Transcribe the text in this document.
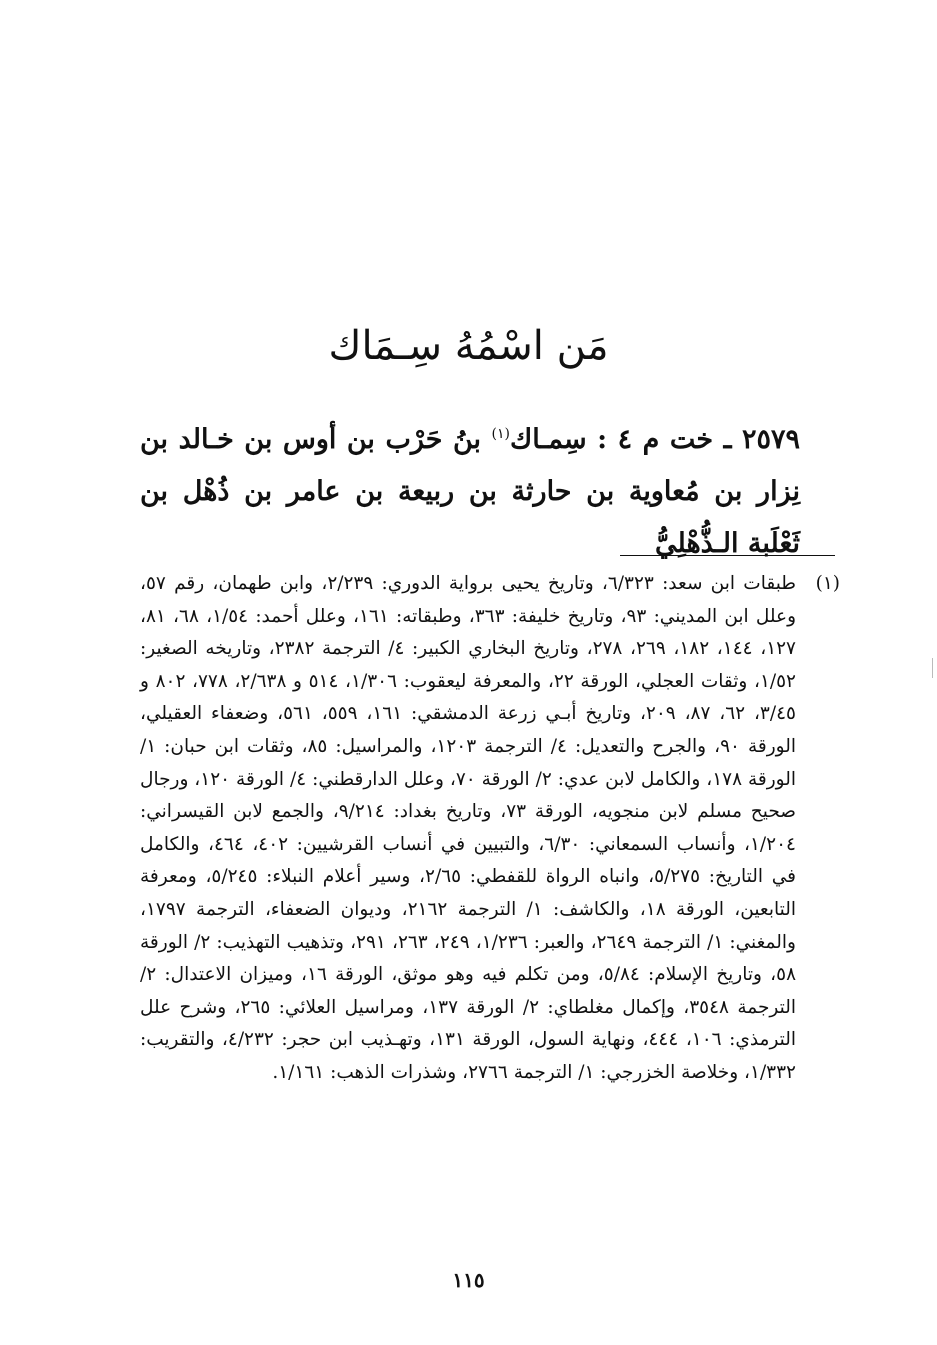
مَن اسْمُهُ سِـمَاك
٢٥٧٩ ـ خت م ٤ : سِمـاك$^{(١)}$ بنُ حَرْب بن أوس بن خـالد بن نِزار بن مُعاوية بن حارثة بن ربيعة بن عامر بن ذُهْل بن ثَعْلَبة الـذُّهْلِيُّ
(١)
طبقات ابن سعد: ٦/٣٢٣، وتاريخ يحيى برواية الدوري: ٢/٢٣٩، وابن طهمان، رقم ٥٧، وعلل ابن المديني: ٩٣، وتاريخ خليفة: ٣٦٣، وطبقاته: ١٦١، وعلل أحمد: ١/٥٤، ٦٨، ٨١، ١٢٧، ١٤٤، ١٨٢، ٢٦٩، ٢٧٨، وتاريخ البخاري الكبير: ٤/ الترجمة ٢٣٨٢، وتاريخه الصغير: ١/٥٢، وثقات العجلي، الورقة ٢٢، والمعرفة ليعقوب: ١/٣٠٦، ٥١٤ و ٢/٦٣٨، ٧٧٨، ٨٠٢ و ٣/٤٥، ٦٢، ٨٧، ٢٠٩، وتاريخ أبـي زرعة الدمشقي: ١٦١، ٥٥٩، ٥٦١، وضعفاء العقيلي، الورقة ٩٠، والجرح والتعديل: ٤/ الترجمة ١٢٠٣، والمراسيل: ٨٥، وثقات ابن حبان: ١/ الورقة ١٧٨، والكامل لابن عدي: ٢/ الورقة ٧٠، وعلل الدارقطني: ٤/ الورقة ١٢٠، ورجال صحيح مسلم لابن منجويه، الورقة ٧٣، وتاريخ بغداد: ٩/٢١٤، والجمع لابن القيسراني: ١/٢٠٤، وأنساب السمعاني: ٦/٣٠، والتبيين في أنساب القرشيين: ٤٠٢، ٤٦٤، والكامل في التاريخ: ٥/٢٧٥، وانباه الرواة للقفطي: ٢/٦٥، وسير أعلام النبلاء: ٥/٢٤٥، ومعرفة التابعين، الورقة ١٨، والكاشف: ١/ الترجمة ٢١٦٢، وديوان الضعفاء، الترجمة ١٧٩٧، والمغني: ١/ الترجمة ٢٦٤٩، والعبر: ١/٢٣٦، ٢٤٩، ٢٦٣، ٢٩١، وتذهيب التهذيب: ٢/ الورقة ٥٨، وتاريخ الإسلام: ٥/٨٤، ومن تكلم فيه وهو موثق، الورقة ١٦، وميزان الاعتدال: ٢/ الترجمة ٣٥٤٨، وإكمال مغلطاي: ٢/ الورقة ١٣٧، ومراسيل العلائي: ٢٦٥، وشرح علل الترمذي: ١٠٦، ٤٤٤، ونهاية السول، الورقة ١٣١، وتهـذيب ابن حجر: ٤/٢٣٢، والتقريب: ١/٣٣٢، وخلاصة الخزرجي: ١/ الترجمة ٢٧٦٦، وشذرات الذهب: ١/١٦١.
١١٥
